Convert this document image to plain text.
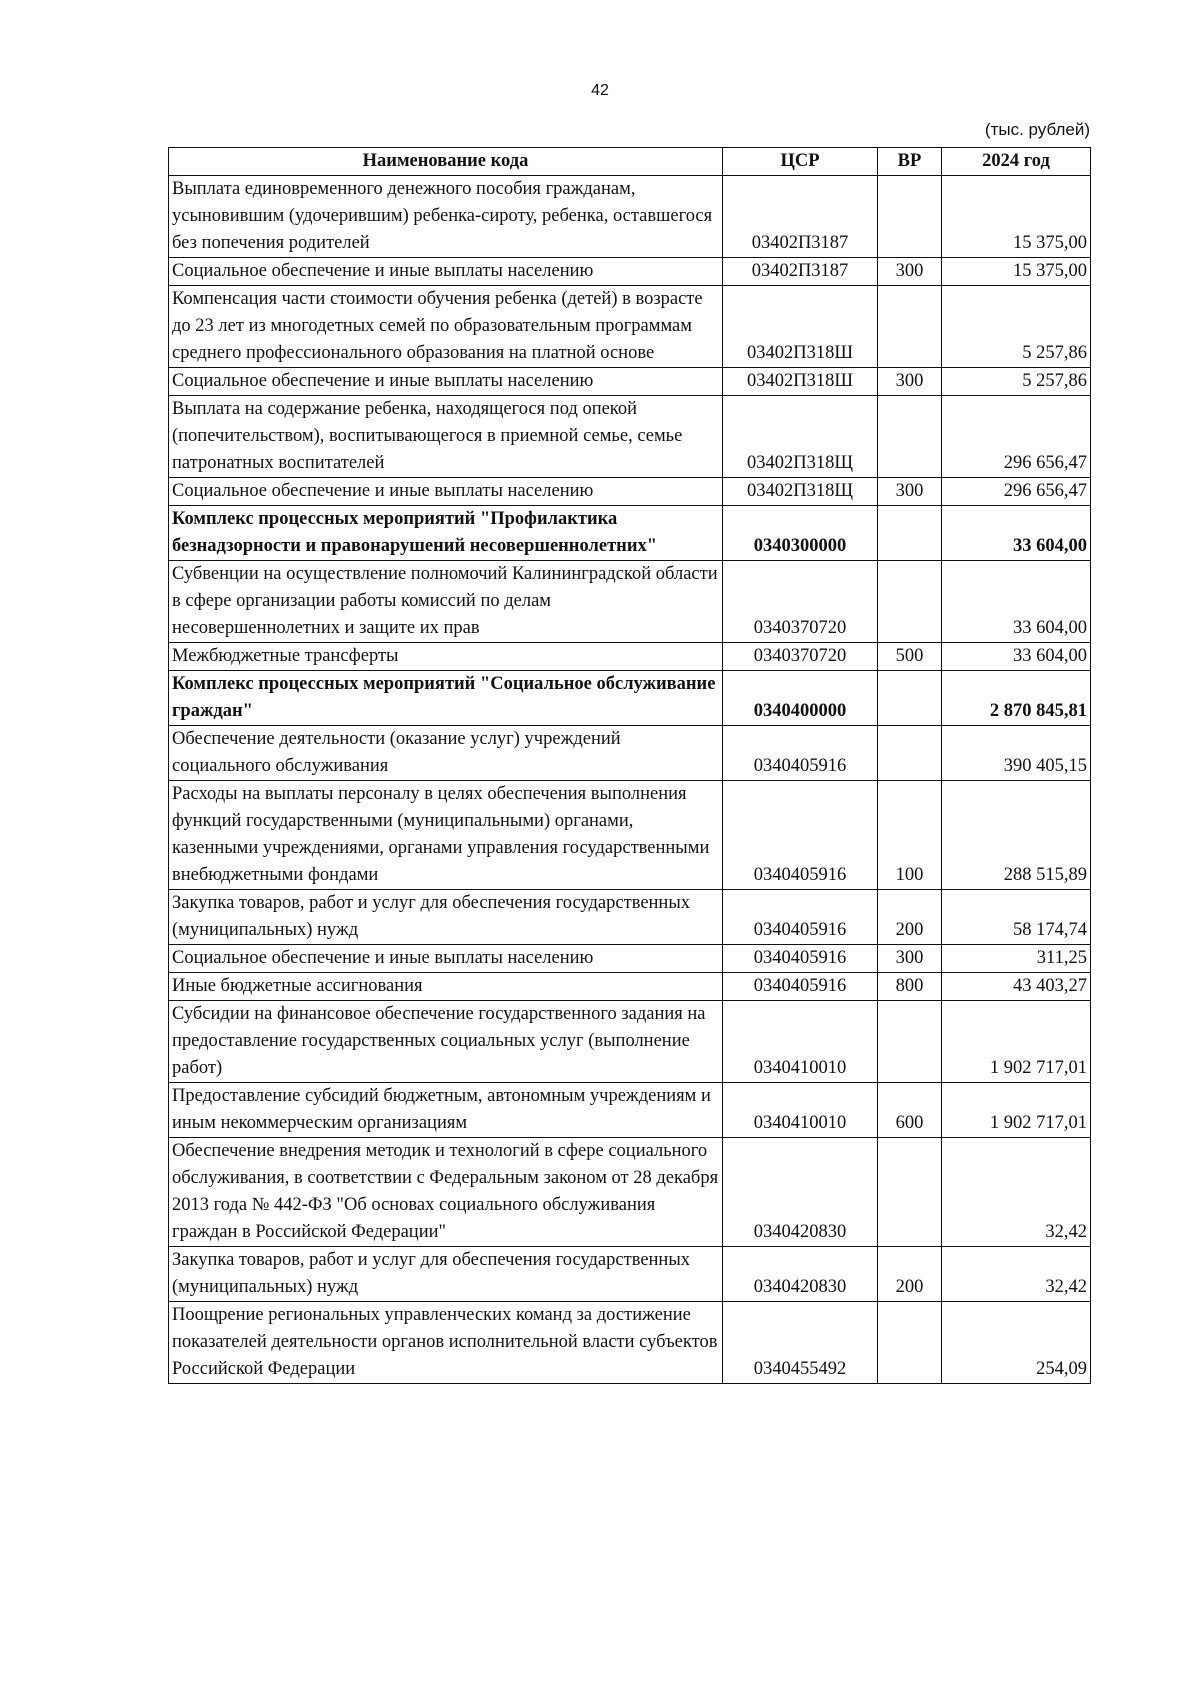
42
(тыс. рублей)
Наименование кода	ЦСР	ВР	2024 год
Выплата единовременного денежного пособия гражданам, усыновившим (удочерившим) ребенка-сироту, ребенка, оставшегося без попечения родителей	03402П3187		15 375,00
Социальное обеспечение и иные выплаты населению	03402П3187	300	15 375,00
Компенсация части стоимости обучения ребенка (детей) в возрасте до 23 лет из многодетных семей по образовательным программам среднего профессионального образования на платной основе	03402П318Ш		5 257,86
Социальное обеспечение и иные выплаты населению	03402П318Ш	300	5 257,86
Выплата на содержание ребенка, находящегося под опекой (попечительством), воспитывающегося в приемной семье, семье патронатных воспитателей	03402П318Щ		296 656,47
Социальное обеспечение и иные выплаты населению	03402П318Щ	300	296 656,47
Комплекс процессных мероприятий "Профилактика безнадзорности и правонарушений несовершеннолетних"	0340300000		33 604,00
Субвенции на осуществление полномочий Калининградской области в сфере организации работы комиссий по делам несовершеннолетних и защите их прав	0340370720		33 604,00
Межбюджетные трансферты	0340370720	500	33 604,00
Комплекс процессных мероприятий "Социальное обслуживание граждан"	0340400000		2 870 845,81
Обеспечение деятельности (оказание услуг) учреждений социального обслуживания	0340405916		390 405,15
Расходы на выплаты персоналу в целях обеспечения выполнения функций государственными (муниципальными) органами, казенными учреждениями, органами управления государственными внебюджетными фондами	0340405916	100	288 515,89
Закупка товаров, работ и услуг для обеспечения государственных (муниципальных) нужд	0340405916	200	58 174,74
Социальное обеспечение и иные выплаты населению	0340405916	300	311,25
Иные бюджетные ассигнования	0340405916	800	43 403,27
Субсидии на финансовое обеспечение государственного задания на предоставление государственных социальных услуг (выполнение работ)	0340410010		1 902 717,01
Предоставление субсидий бюджетным, автономным учреждениям и иным некоммерческим организациям	0340410010	600	1 902 717,01
Обеспечение внедрения методик и технологий в сфере социального обслуживания, в соответствии с Федеральным законом от 28 декабря 2013 года № 442-ФЗ "Об основах социального обслуживания граждан в Российской Федерации"	0340420830		32,42
Закупка товаров, работ и услуг для обеспечения государственных (муниципальных) нужд	0340420830	200	32,42
Поощрение региональных управленческих команд за достижение показателей деятельности органов исполнительной власти субъектов Российской Федерации	0340455492		254,09
